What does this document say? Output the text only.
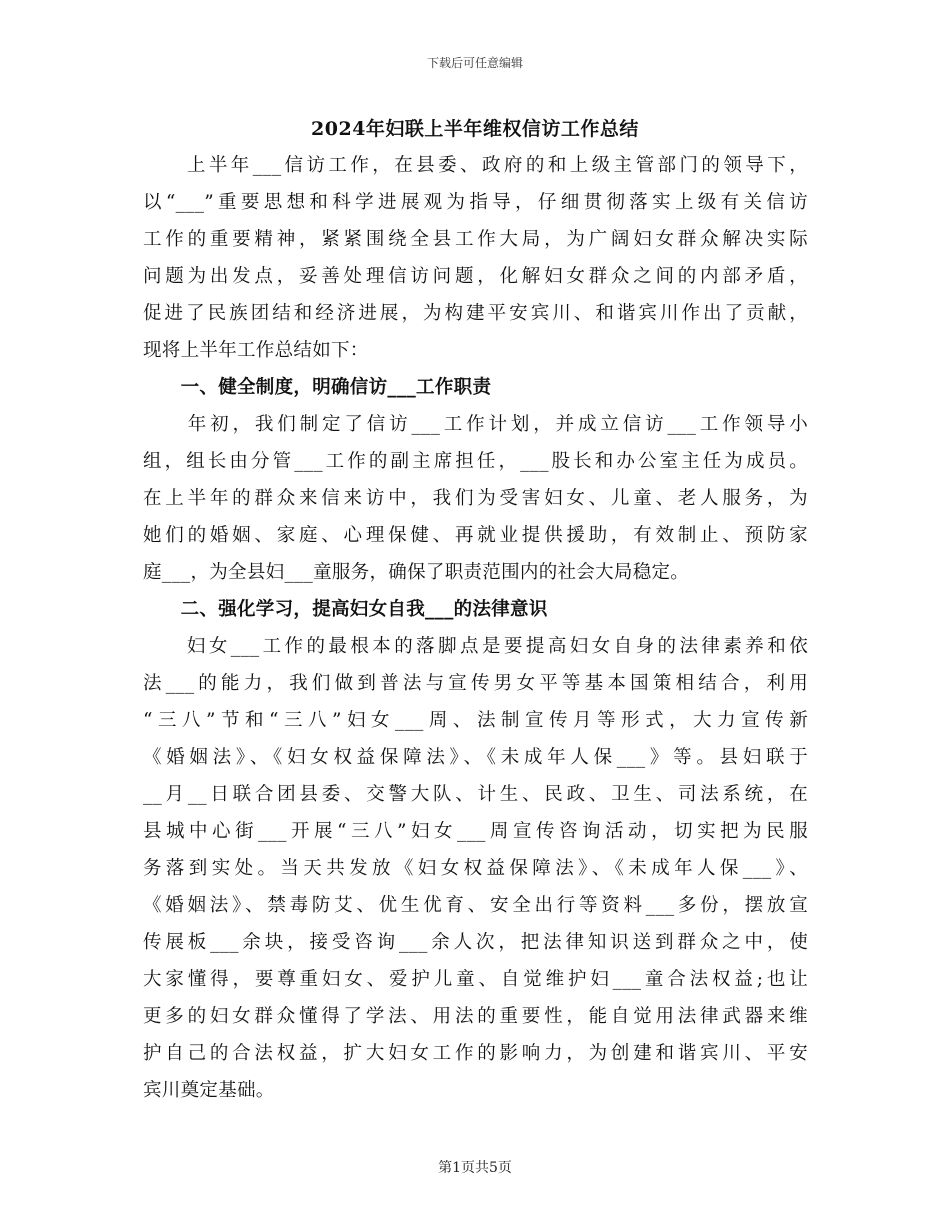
下载后可任意编辑
2024年妇联上半年维权信访工作总结
　　上半年___信访工作，在县委、政府的和上级主管部门的领导下，
以“___”重要思想和科学进展观为指导，仔细贯彻落实上级有关信访
工作的重要精神，紧紧围绕全县工作大局，为广阔妇女群众解决实际
问题为出发点，妥善处理信访问题，化解妇女群众之间的内部矛盾，
促进了民族团结和经济进展，为构建平安宾川、和谐宾川作出了贡献，
现将上半年工作总结如下：
　　一、健全制度，明确信访___工作职责
　　年初，我们制定了信访___工作计划，并成立信访___工作领导小
组，组长由分管___工作的副主席担任，___股长和办公室主任为成员。
在上半年的群众来信来访中，我们为受害妇女、儿童、老人服务，为
她们的婚姻、家庭、心理保健、再就业提供援助，有效制止、预防家
庭___，为全县妇___童服务，确保了职责范围内的社会大局稳定。
　　二、强化学习，提高妇女自我___的法律意识
　　妇女___工作的最根本的落脚点是要提高妇女自身的法律素养和依
法___的能力，我们做到普法与宣传男女平等基本国策相结合，利用
“三八”节和“三八”妇女___周、法制宣传月等形式，大力宣传新
《婚姻法》、《妇女权益保障法》、《未成年人保___》等。县妇联于
__月__日联合团县委、交警大队、计生、民政、卫生、司法系统，在
县城中心街___开展“三八”妇女___周宣传咨询活动，切实把为民服
务落到实处。当天共发放《妇女权益保障法》、《未成年人保___》、
《婚姻法》、禁毒防艾、优生优育、安全出行等资料___多份，摆放宣
传展板___余块，接受咨询___余人次，把法律知识送到群众之中，使
大家懂得，要尊重妇女、爱护儿童、自觉维护妇___童合法权益;也让
更多的妇女群众懂得了学法、用法的重要性，能自觉用法律武器来维
护自己的合法权益，扩大妇女工作的影响力，为创建和谐宾川、平安
宾川奠定基础。
第1页共5页
